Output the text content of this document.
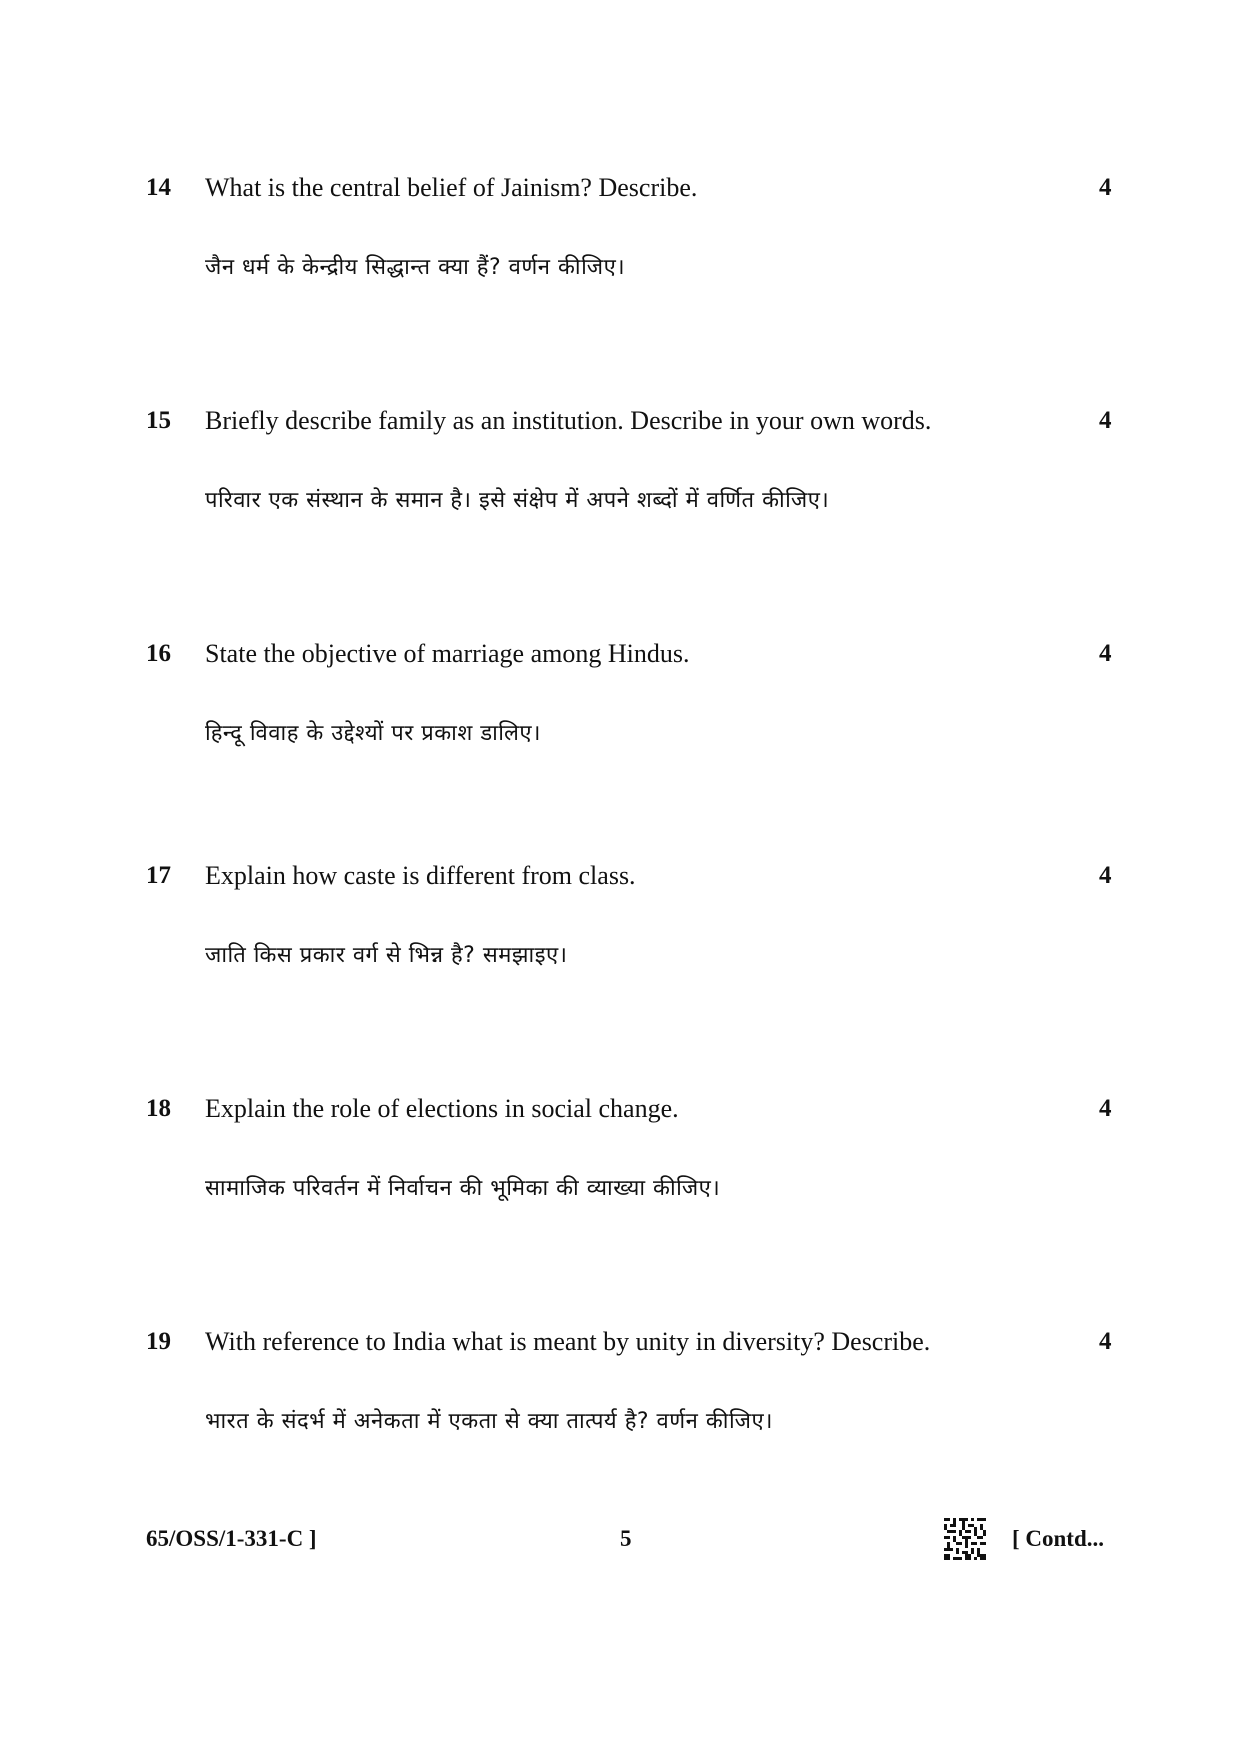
14 What is the central belief of Jainism? Describe.	4
जैन धर्म के केन्द्रीय सिद्धान्त क्या हैं? वर्णन कीजिए।
15 Briefly describe family as an institution. Describe in your own words.	4
परिवार एक संस्थान के समान है। इसे संक्षेप में अपने शब्दों में वर्णित कीजिए।
16 State the objective of marriage among Hindus.	4
हिन्दू विवाह के उद्देश्यों पर प्रकाश डालिए।
17 Explain how caste is different from class.	4
जाति किस प्रकार वर्ग से भिन्न है? समझाइए।
18 Explain the role of elections in social change.	4
सामाजिक परिवर्तन में निर्वाचन की भूमिका की व्याख्या कीजिए।
19 With reference to India what is meant by unity in diversity? Describe.	4
भारत के संदर्भ में अनेकता में एकता से क्या तात्पर्य है? वर्णन कीजिए।
65/OSS/1-331-C ]	5	[ Contd...
